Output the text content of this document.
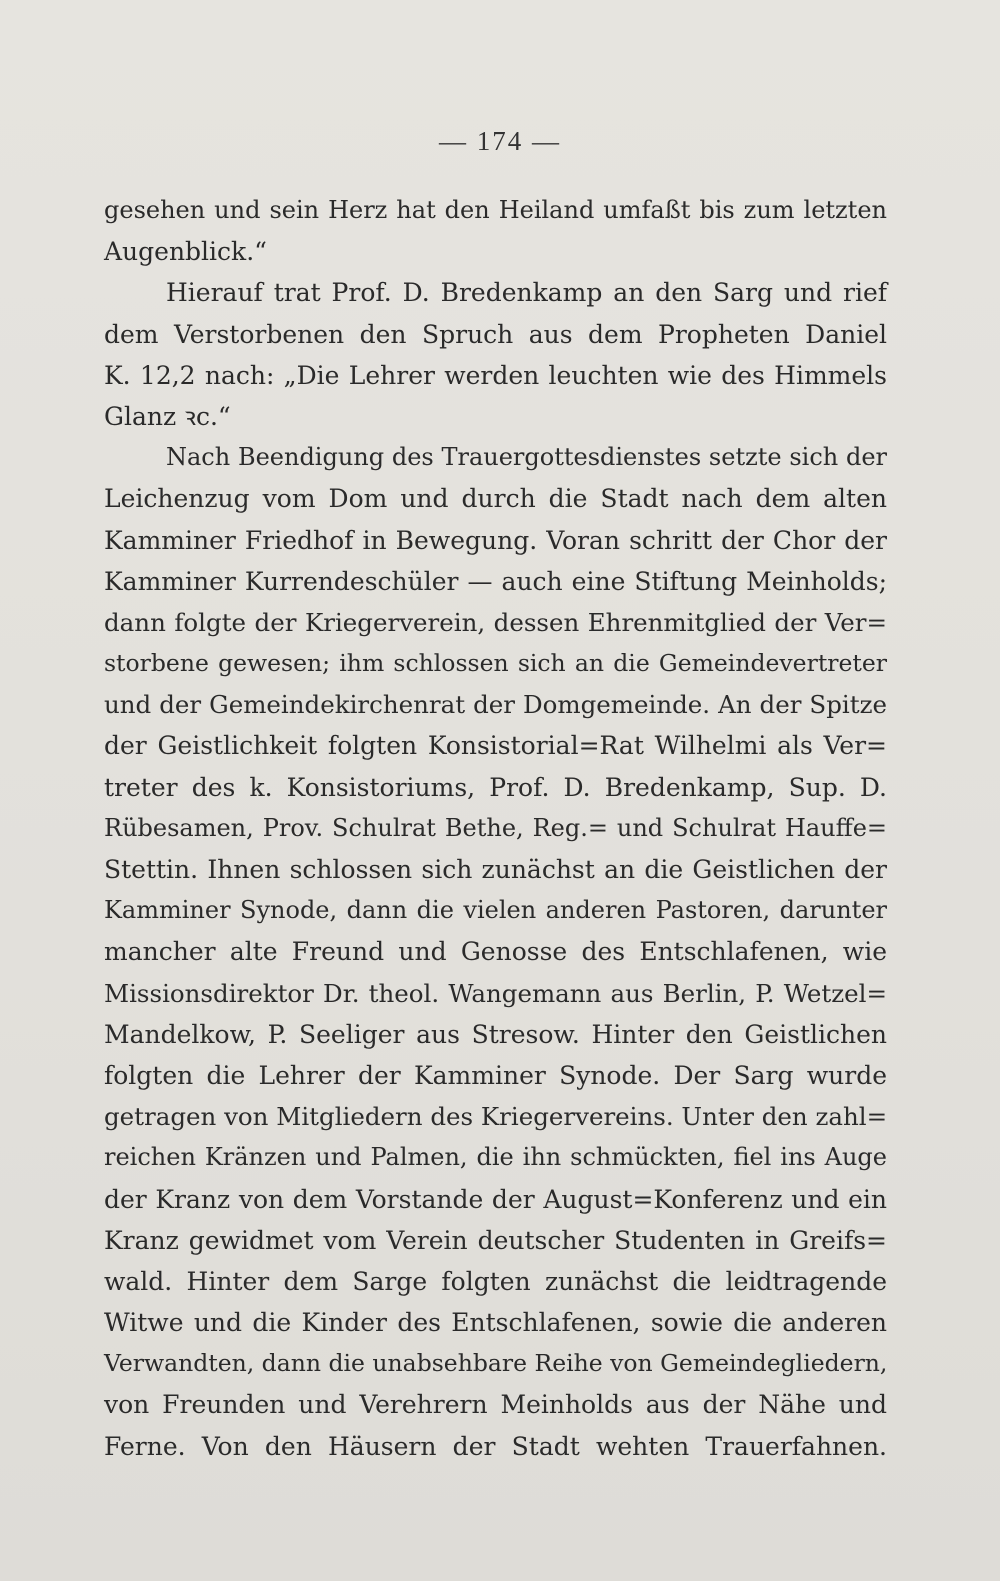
— 174 —
gesehen und sein Herz hat den Heiland umfaßt bis zum letzten
Augenblick.“
Hierauf trat Prof. D. Bredenkamp an den Sarg und rief
dem Verstorbenen den Spruch aus dem Propheten Daniel
K. 12,2 nach: „Die Lehrer werden leuchten wie des Himmels
Glanz ꝛc.“
Nach Beendigung des Trauergottesdienstes setzte sich der
Leichenzug vom Dom und durch die Stadt nach dem alten
Kamminer Friedhof in Bewegung. Voran schritt der Chor der
Kamminer Kurrendeschüler — auch eine Stiftung Meinholds;
dann folgte der Kriegerverein, dessen Ehrenmitglied der Ver=
storbene gewesen; ihm schlossen sich an die Gemeindevertreter
und der Gemeindekirchenrat der Domgemeinde. An der Spitze
der Geistlichkeit folgten Konsistorial=Rat Wilhelmi als Ver=
treter des k. Konsistoriums, Prof. D. Bredenkamp, Sup. D.
Rübesamen, Prov. Schulrat Bethe, Reg.= und Schulrat Hauffe=
Stettin. Ihnen schlossen sich zunächst an die Geistlichen der
Kamminer Synode, dann die vielen anderen Pastoren, darunter
mancher alte Freund und Genosse des Entschlafenen, wie
Missionsdirektor Dr. theol. Wangemann aus Berlin, P. Wetzel=
Mandelkow, P. Seeliger aus Stresow. Hinter den Geistlichen
folgten die Lehrer der Kamminer Synode. Der Sarg wurde
getragen von Mitgliedern des Kriegervereins. Unter den zahl=
reichen Kränzen und Palmen, die ihn schmückten, fiel ins Auge
der Kranz von dem Vorstande der August=Konferenz und ein
Kranz gewidmet vom Verein deutscher Studenten in Greifs=
wald. Hinter dem Sarge folgten zunächst die leidtragende
Witwe und die Kinder des Entschlafenen, sowie die anderen
Verwandten, dann die unabsehbare Reihe von Gemeindegliedern,
von Freunden und Verehrern Meinholds aus der Nähe und
Ferne. Von den Häusern der Stadt wehten Trauerfahnen.
